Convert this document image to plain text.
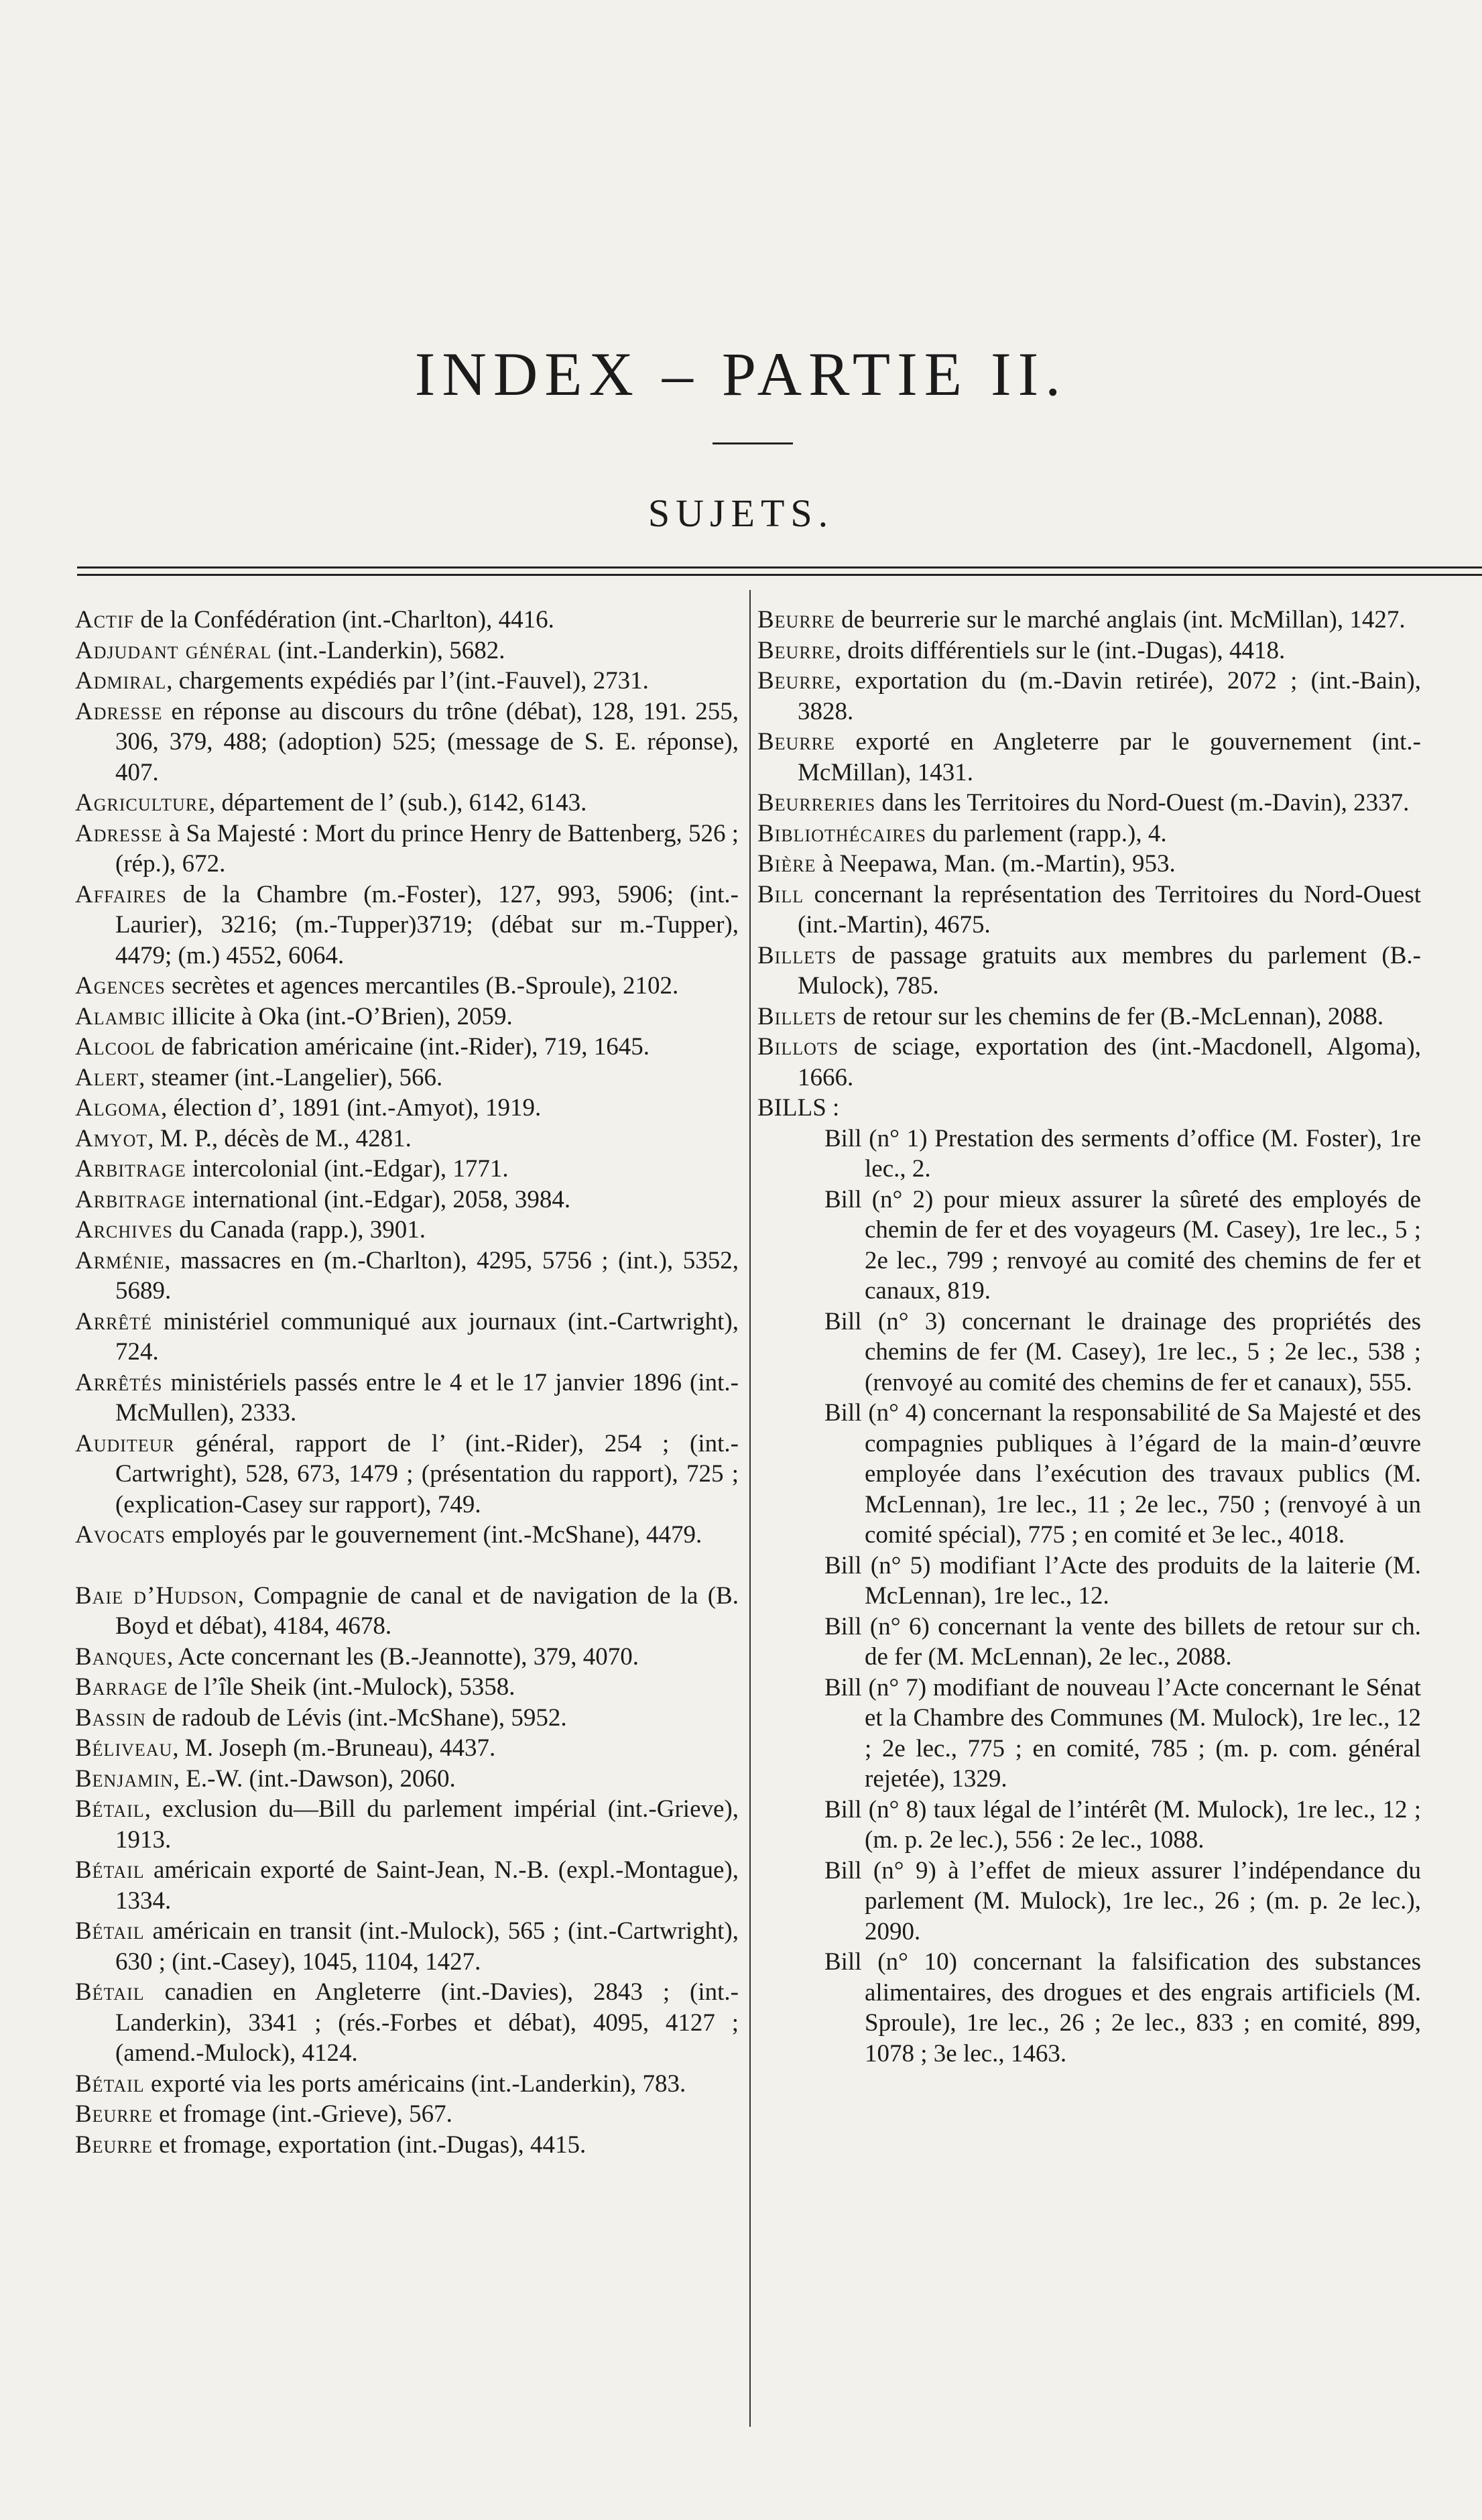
INDEX – PARTIE II.
SUJETS.

Actif de la Confédération (int.-Charlton), 4416.

Adjudant général (int.-Landerkin), 5682.

Admiral, chargements expédiés par l’(int.-Fauvel), 2731.

Adresse en réponse au discours du trône (débat), 128, 191. 255, 306, 379, 488; (adoption) 525; (message de S. E. réponse), 407.

Agriculture, département de l’ (sub.), 6142, 6143.

Adresse à Sa Majesté : Mort du prince Henry de Battenberg, 526 ; (rép.), 672.

Affaires de la Chambre (m.-Foster), 127, 993, 5906; (int.-Laurier), 3216; (m.-Tupper)3719; (débat sur m.-Tupper), 4479; (m.) 4552, 6064.

Agences secrètes et agences mercantiles (B.-Sproule), 2102.

Alambic illicite à Oka (int.-O’Brien), 2059.

Alcool de fabrication américaine (int.-Rider), 719, 1645.

Alert, steamer (int.-Langelier), 566.

Algoma, élection d’, 1891 (int.-Amyot), 1919.

Amyot, M. P., décès de M., 4281.

Arbitrage intercolonial (int.-Edgar), 1771.

Arbitrage international (int.-Edgar), 2058, 3984.

Archives du Canada (rapp.), 3901.

Arménie, massacres en (m.-Charlton), 4295, 5756 ; (int.), 5352, 5689.

Arrêté ministériel communiqué aux journaux (int.-Cartwright), 724.

Arrêtés ministériels passés entre le 4 et le 17 janvier 1896 (int.-McMullen), 2333.

Auditeur général, rapport de l’ (int.-Rider), 254 ; (int.-Cartwright), 528, 673, 1479 ; (présentation du rapport), 725 ; (explication-Casey sur rapport), 749.

Avocats employés par le gouvernement (int.-McShane), 4479.

Baie d’Hudson, Compagnie de canal et de navigation de la (B. Boyd et débat), 4184, 4678.

Banques, Acte concernant les (B.-Jeannotte), 379, 4070.

Barrage de l’île Sheik (int.-Mulock), 5358.

Bassin de radoub de Lévis (int.-McShane), 5952.

Béliveau, M. Joseph (m.-Bruneau), 4437.

Benjamin, E.-W. (int.-Dawson), 2060.

Bétail, exclusion du—Bill du parlement impérial (int.-Grieve), 1913.

Bétail américain exporté de Saint-Jean, N.-B. (expl.-Montague), 1334.

Bétail américain en transit (int.-Mulock), 565 ; (int.-Cartwright), 630 ; (int.-Casey), 1045, 1104, 1427.

Bétail canadien en Angleterre (int.-Davies), 2843 ; (int.-Landerkin), 3341 ; (rés.-Forbes et débat), 4095, 4127 ; (amend.-Mulock), 4124.

Bétail exporté via les ports américains (int.-Landerkin), 783.

Beurre et fromage (int.-Grieve), 567.

Beurre et fromage, exportation (int.-Dugas), 4415.

Beurre de beurrerie sur le marché anglais (int. McMillan), 1427.

Beurre, droits différentiels sur le (int.-Dugas), 4418.

Beurre, exportation du (m.-Davin retirée), 2072 ; (int.-Bain), 3828.

Beurre exporté en Angleterre par le gouvernement (int.-McMillan), 1431.

Beurreries dans les Territoires du Nord-Ouest (m.-Davin), 2337.

Bibliothécaires du parlement (rapp.), 4.

Bière à Neepawa, Man. (m.-Martin), 953.

Bill concernant la représentation des Territoires du Nord-Ouest (int.-Martin), 4675.

Billets de passage gratuits aux membres du parlement (B.-Mulock), 785.

Billets de retour sur les chemins de fer (B.-McLennan), 2088.

Billots de sciage, exportation des (int.-Macdonell, Algoma), 1666.

BILLS :

Bill (n° 1) Prestation des serments d’office (M. Foster), 1re lec., 2.

Bill (n° 2) pour mieux assurer la sûreté des employés de chemin de fer et des voyageurs (M. Casey), 1re lec., 5 ; 2e lec., 799 ; renvoyé au comité des chemins de fer et canaux, 819.

Bill (n° 3) concernant le drainage des propriétés des chemins de fer (M. Casey), 1re lec., 5 ; 2e lec., 538 ; (renvoyé au comité des chemins de fer et canaux), 555.

Bill (n° 4) concernant la responsabilité de Sa Majesté et des compagnies publiques à l’égard de la main-d’œuvre employée dans l’exécution des travaux publics (M. McLennan), 1re lec., 11 ; 2e lec., 750 ; (renvoyé à un comité spécial), 775 ; en comité et 3e lec., 4018.

Bill (n° 5) modifiant l’Acte des produits de la laiterie (M. McLennan), 1re lec., 12.

Bill (n° 6) concernant la vente des billets de retour sur ch. de fer (M. McLennan), 2e lec., 2088.

Bill (n° 7) modifiant de nouveau l’Acte concernant le Sénat et la Chambre des Communes (M. Mulock), 1re lec., 12 ; 2e lec., 775 ; en comité, 785 ; (m. p. com. général rejetée), 1329.

Bill (n° 8) taux légal de l’intérêt (M. Mulock), 1re lec., 12 ; (m. p. 2e lec.), 556 : 2e lec., 1088.

Bill (n° 9) à l’effet de mieux assurer l’indépendance du parlement (M. Mulock), 1re lec., 26 ; (m. p. 2e lec.), 2090.

Bill (n° 10) concernant la falsification des substances alimentaires, des drogues et des engrais artificiels (M. Sproule), 1re lec., 26 ; 2e lec., 833 ; en comité, 899, 1078 ; 3e lec., 1463.
